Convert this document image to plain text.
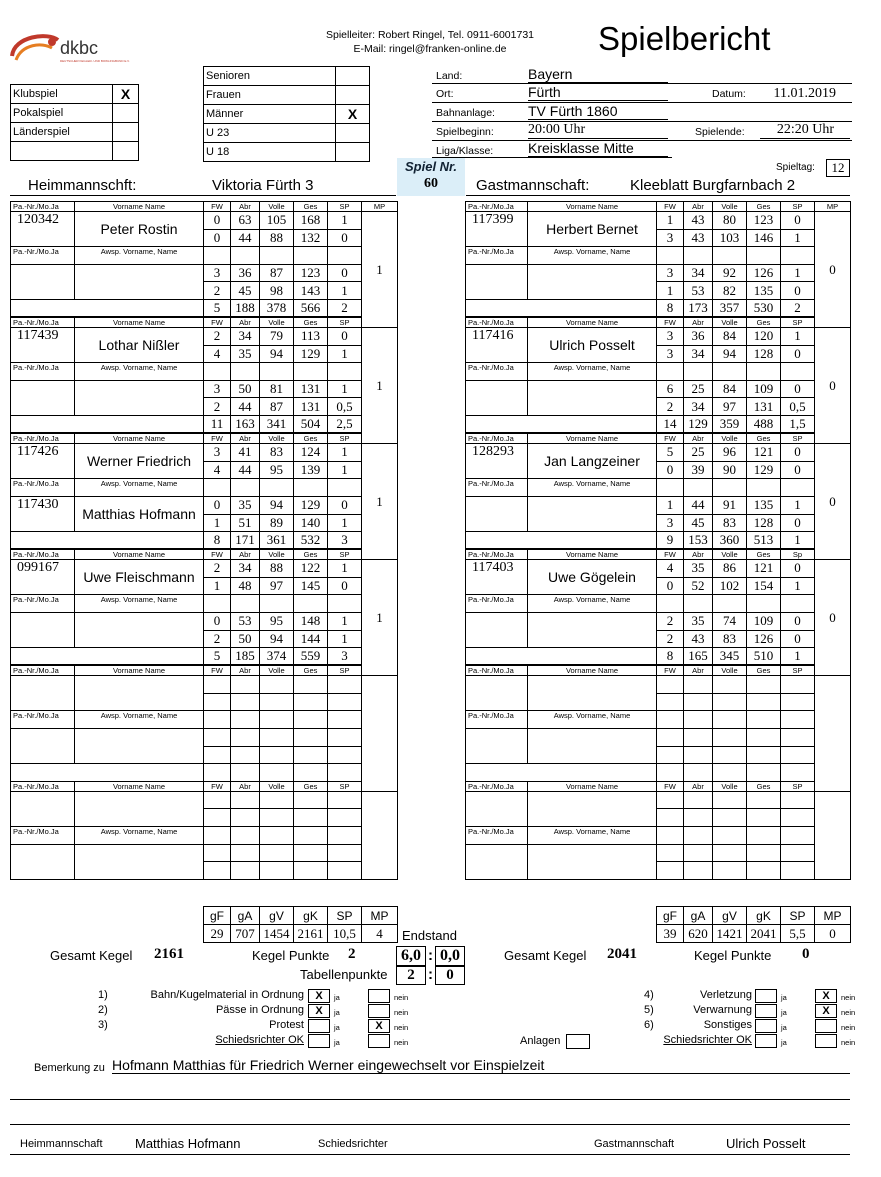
dkbc
DEUTSCHER KEGLER- UND BOWLINGBUND E.V.
Spielleiter: Robert Ringel, Tel. 0911-6001731
E-Mail: ringel@franken-online.de	Spielbericht
Klubspiel	X
Pokalspiel	
Länderspiel	

Senioren	
Frauen	
Männer	X
U 23	
U 18	
Land:	Bayern
Ort:	Fürth	Datum:	11.01.2019
Bahnanlage: TV Fürth 1860
Spielbeginn: 20:00 Uhr	Spielende:	22:20 Uhr
Liga/Klasse: Kreisklasse Mitte
Spiel Nr.
60
Spieltag:	12
Heimmannschft:	Viktoria Fürth 3	Gastmannschaft:	Kleeblatt Burgfarnbach 2
Pa.-Nr./Mo.Ja	Vorname Name	FW	Abr	Volle	Ges	SP	MP	
120342	Peter Rostin	0	63	105	168	1	1	
		0	44	88	132	0		
Pa.-Nr./Mo.Ja	Awsp. Vorname, Name							
		3	36	87	123	0		
		2	45	98	143	1		
		5	188	378	566	2		
Pa.-Nr./Mo.Ja	Vorname Name	FW	Abr	Volle	Ges	SP	
117439	Lothar Nißler	2	34	79	113	0	1	
		4	35	94	129	1		
Pa.-Nr./Mo.Ja	Awsp. Vorname, Name							
		3	50	81	131	1		
		2	44	87	131	0,5		
		11	163	341	504	2,5		
Pa.-Nr./Mo.Ja	Vorname Name	FW	Abr	Volle	Ges	SP	
117426	Werner Friedrich	3	41	83	124	1	1	
		4	44	95	139	1		
Pa.-Nr./Mo.Ja	Awsp. Vorname, Name							
117430	Matthias Hofmann	0	35	94	129	0		
		1	51	89	140	1		
		8	171	361	532	3		
Pa.-Nr./Mo.Ja	Vorname Name	FW	Abr	Volle	Ges	SP	
099167	Uwe Fleischmann	2	34	88	122	1	1	
		1	48	97	145	0		
Pa.-Nr./Mo.Ja	Awsp. Vorname, Name							
		0	53	95	148	1		
		2	50	94	144	1		
		5	185	374	559	3		
Pa.-Nr./Mo.Ja	Vorname Name	FW	Abr	Volle	Ges	SP	

Pa.-Nr./Mo.Ja	Awsp. Vorname, Name							

Pa.-Nr./Mo.Ja	Vorname Name	FW	Abr	Volle	Ges	SP	

Pa.-Nr./Mo.Ja	Awsp. Vorname, Name							

Pa.-Nr./Mo.Ja	Vorname Name	FW	Abr	Volle	Ges	SP	MP	
117399	Herbert Bernet	1	43	80	123	0	0	
		3	43	103	146	1		
Pa.-Nr./Mo.Ja	Awsp. Vorname, Name							
		3	34	92	126	1		
		1	53	82	135	0		
		8	173	357	530	2		
Pa.-Nr./Mo.Ja	Vorname Name	FW	Abr	Volle	Ges	SP	
117416	Ulrich Posselt	3	36	84	120	1	0	
		3	34	94	128	0		
Pa.-Nr./Mo.Ja	Awsp. Vorname, Name							
		6	25	84	109	0		
		2	34	97	131	0,5		
		14	129	359	488	1,5		
Pa.-Nr./Mo.Ja	Vorname Name	FW	Abr	Volle	Ges	SP	
128293	Jan Langzeiner	5	25	96	121	0	0	
		0	39	90	129	0		
Pa.-Nr./Mo.Ja	Awsp. Vorname, Name							
		1	44	91	135	1		
		3	45	83	128	0		
		9	153	360	513	1		
Pa.-Nr./Mo.Ja	Vorname Name	FW	Abr	Volle	Ges	Sp	
117403	Uwe Gögelein	4	35	86	121	0	0	
		0	52	102	154	1		
Pa.-Nr./Mo.Ja	Awsp. Vorname, Name							
		2	35	74	109	0		
		2	43	83	126	0		
		8	165	345	510	1		
Pa.-Nr./Mo.Ja	Vorname Name	FW	Abr	Volle	Ges	SP	

Pa.-Nr./Mo.Ja	Awsp. Vorname, Name							

Pa.-Nr./Mo.Ja	Vorname Name	FW	Abr	Volle	Ges	SP	

Pa.-Nr./Mo.Ja	Awsp. Vorname, Name							

gF	gA	gV	gK	SP	MP
29	707	1454	2161	10,5	4
gF	gA	gV	gK	SP	MP
39	620	1421	2041	5,5	0
Endstand
Gesamt Kegel 2161	Kegel Punkte 2	6,0 : 0,0
Tabellenpunkte	2 : 0
Gesamt Kegel 2041	Kegel Punkte 0
1)	Bahn/Kugelmaterial in Ordnung	X	ja	nein
2)	Pässe in Ordnung	X	ja	nein
3)	Protest	ja	X	nein
Schiedsrichter OK	ja	nein
4)	Verletzung	ja	X	nein
5)	Verwarnung	ja	X	nein
6)	Sonstiges	ja	nein
Schiedsrichter OK	ja	nein
Anlagen
Bemerkung zu Hofmann Matthias für Friedrich Werner eingewechselt vor Einspielzeit
Heimmannschaft Matthias Hofmann	Schiedsrichter	Gastmannschaft	Ulrich Posselt
